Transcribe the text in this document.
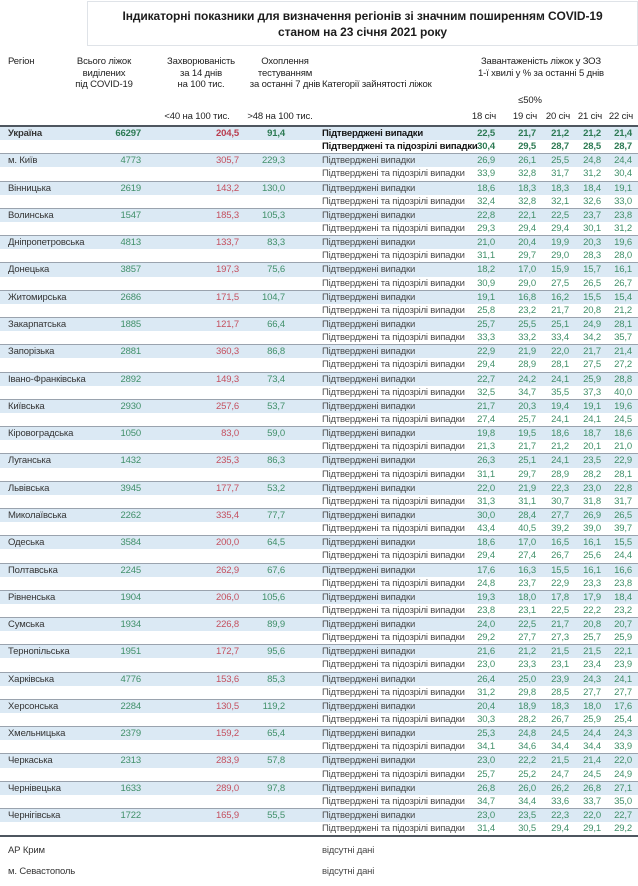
Індикаторні показники для визначення регіонів зі значним поширенням COVID-19
станом на 23 січня 2021 року
Регіон	Всього ліжок
виділених
під COVID-19
Захворюваність
за 14 днів
на 100 тис.
Охоплення
тестуванням
за останні 7 днів Категорії зайнятості ліжок
Завантаженість ліжок у ЗОЗ
1-ї хвилі у % за останні 5 днів
≤50%
<40 на 100 тис. >48 на 100 тис.	18 січ	19 січ 20 січ 21 січ 22 січ
Україна	66297	204,5	91,4	Підтверджені випадки	22,5	21,7	21,2	21,2	21,4
Підтверджені та підозрілі випадки 30,4	29,5	28,7	28,5	28,7
м. Київ	4773	305,7	229,3	Підтверджені випадки	26,9	26,1	25,5	24,8	24,4
Підтверджені та підозрілі випадки	33,9	32,8	31,7	31,2	30,4
Вінницька	2619	143,2	130,0	Підтверджені випадки	18,6	18,3	18,3	18,4	19,1
Підтверджені та підозрілі випадки	32,4	32,8	32,1	32,6	33,0
Волинська	1547	185,3	105,3	Підтверджені випадки	22,8	22,1	22,5	23,7	23,8
Підтверджені та підозрілі випадки	29,3	29,4	29,4	30,1	31,2
Дніпропетровська	4813	133,7	83,3	Підтверджені випадки	21,0	20,4	19,9	20,3	19,6
Підтверджені та підозрілі випадки	31,1	29,7	29,0	28,3	28,0
Донецька	3857	197,3	75,6	Підтверджені випадки	18,2	17,0	15,9	15,7	16,1
Підтверджені та підозрілі випадки	30,9	29,0	27,5	26,5	26,7
Житомирська	2686	171,5	104,7	Підтверджені випадки	19,1	16,8	16,2	15,5	15,4
Підтверджені та підозрілі випадки	25,8	23,2	21,7	20,8	21,2
Закарпатська	1885	121,7	66,4	Підтверджені випадки	25,7	25,5	25,1	24,9	28,1
Підтверджені та підозрілі випадки	33,3	33,2	33,4	34,2	35,7
Запорізька	2881	360,3	86,8	Підтверджені випадки	22,9	21,9	22,0	21,7	21,4
Підтверджені та підозрілі випадки	29,4	28,9	28,1	27,5	27,2
Івано-Франківська	2892	149,3	73,4	Підтверджені випадки	22,7	24,2	24,1	25,9	28,8
Підтверджені та підозрілі випадки	32,5	34,7	35,5	37,3	40,0
Київська	2930	257,6	53,7	Підтверджені випадки	21,7	20,3	19,4	19,1	19,6
Підтверджені та підозрілі випадки	27,4	25,7	24,1	24,1	24,5
Кіровоградська	1050	83,0	59,0	Підтверджені випадки	19,8	19,5	18,6	18,7	18,6
Підтверджені та підозрілі випадки	21,3	21,7	21,2	20,1	21,0
Луганська	1432	235,3	86,3	Підтверджені випадки	26,3	25,1	24,1	23,5	22,9
Підтверджені та підозрілі випадки	31,1	29,7	28,9	28,2	28,1
Львівська	3945	177,7	53,2	Підтверджені випадки	22,0	21,9	22,3	23,0	22,8
Підтверджені та підозрілі випадки	31,3	31,1	30,7	31,8	31,7
Миколаївська	2262	335,4	77,7	Підтверджені випадки	30,0	28,4	27,7	26,9	26,5
Підтверджені та підозрілі випадки	43,4	40,5	39,2	39,0	39,7
Одеська	3584	200,0	64,5	Підтверджені випадки	18,6	17,0	16,5	16,1	15,5
Підтверджені та підозрілі випадки	29,4	27,4	26,7	25,6	24,4
Полтавська	2245	262,9	67,6	Підтверджені випадки	17,6	16,3	15,5	16,1	16,6
Підтверджені та підозрілі випадки	24,8	23,7	22,9	23,3	23,8
Рівненська	1904	206,0	105,6	Підтверджені випадки	19,3	18,0	17,8	17,9	18,4
Підтверджені та підозрілі випадки	23,8	23,1	22,5	22,2	23,2
Сумська	1934	226,8	89,9	Підтверджені випадки	24,0	22,5	21,7	20,8	20,7
Підтверджені та підозрілі випадки	29,2	27,7	27,3	25,7	25,9
Тернопільська	1951	172,7	95,6	Підтверджені випадки	21,6	21,2	21,5	21,5	22,1
Підтверджені та підозрілі випадки	23,0	23,3	23,1	23,4	23,9
Харківська	4776	153,6	85,3	Підтверджені випадки	26,4	25,0	23,9	24,3	24,1
Підтверджені та підозрілі випадки	31,2	29,8	28,5	27,7	27,7
Херсонська	2284	130,5	119,2	Підтверджені випадки	20,4	18,9	18,3	18,0	17,6
Підтверджені та підозрілі випадки	30,3	28,2	26,7	25,9	25,4
Хмельницька	2379	159,2	65,4	Підтверджені випадки	25,3	24,8	24,5	24,4	24,3
Підтверджені та підозрілі випадки	34,1	34,6	34,4	34,4	33,9
Черкаська	2313	283,9	57,8	Підтверджені випадки	23,0	22,2	21,5	21,4	22,0
Підтверджені та підозрілі випадки	25,7	25,2	24,7	24,5	24,9
Чернівецька	1633	289,0	97,8	Підтверджені випадки	26,8	26,0	26,2	26,8	27,1
Підтверджені та підозрілі випадки	34,7	34,4	33,6	33,7	35,0
Чернігівська	1722	165,9	55,5	Підтверджені випадки	23,0	23,5	22,3	22,0	22,7
Підтверджені та підозрілі випадки	31,4	30,5	29,4	29,1	29,2
АР Крим	відсутні дані
м. Севастополь	відсутні дані
